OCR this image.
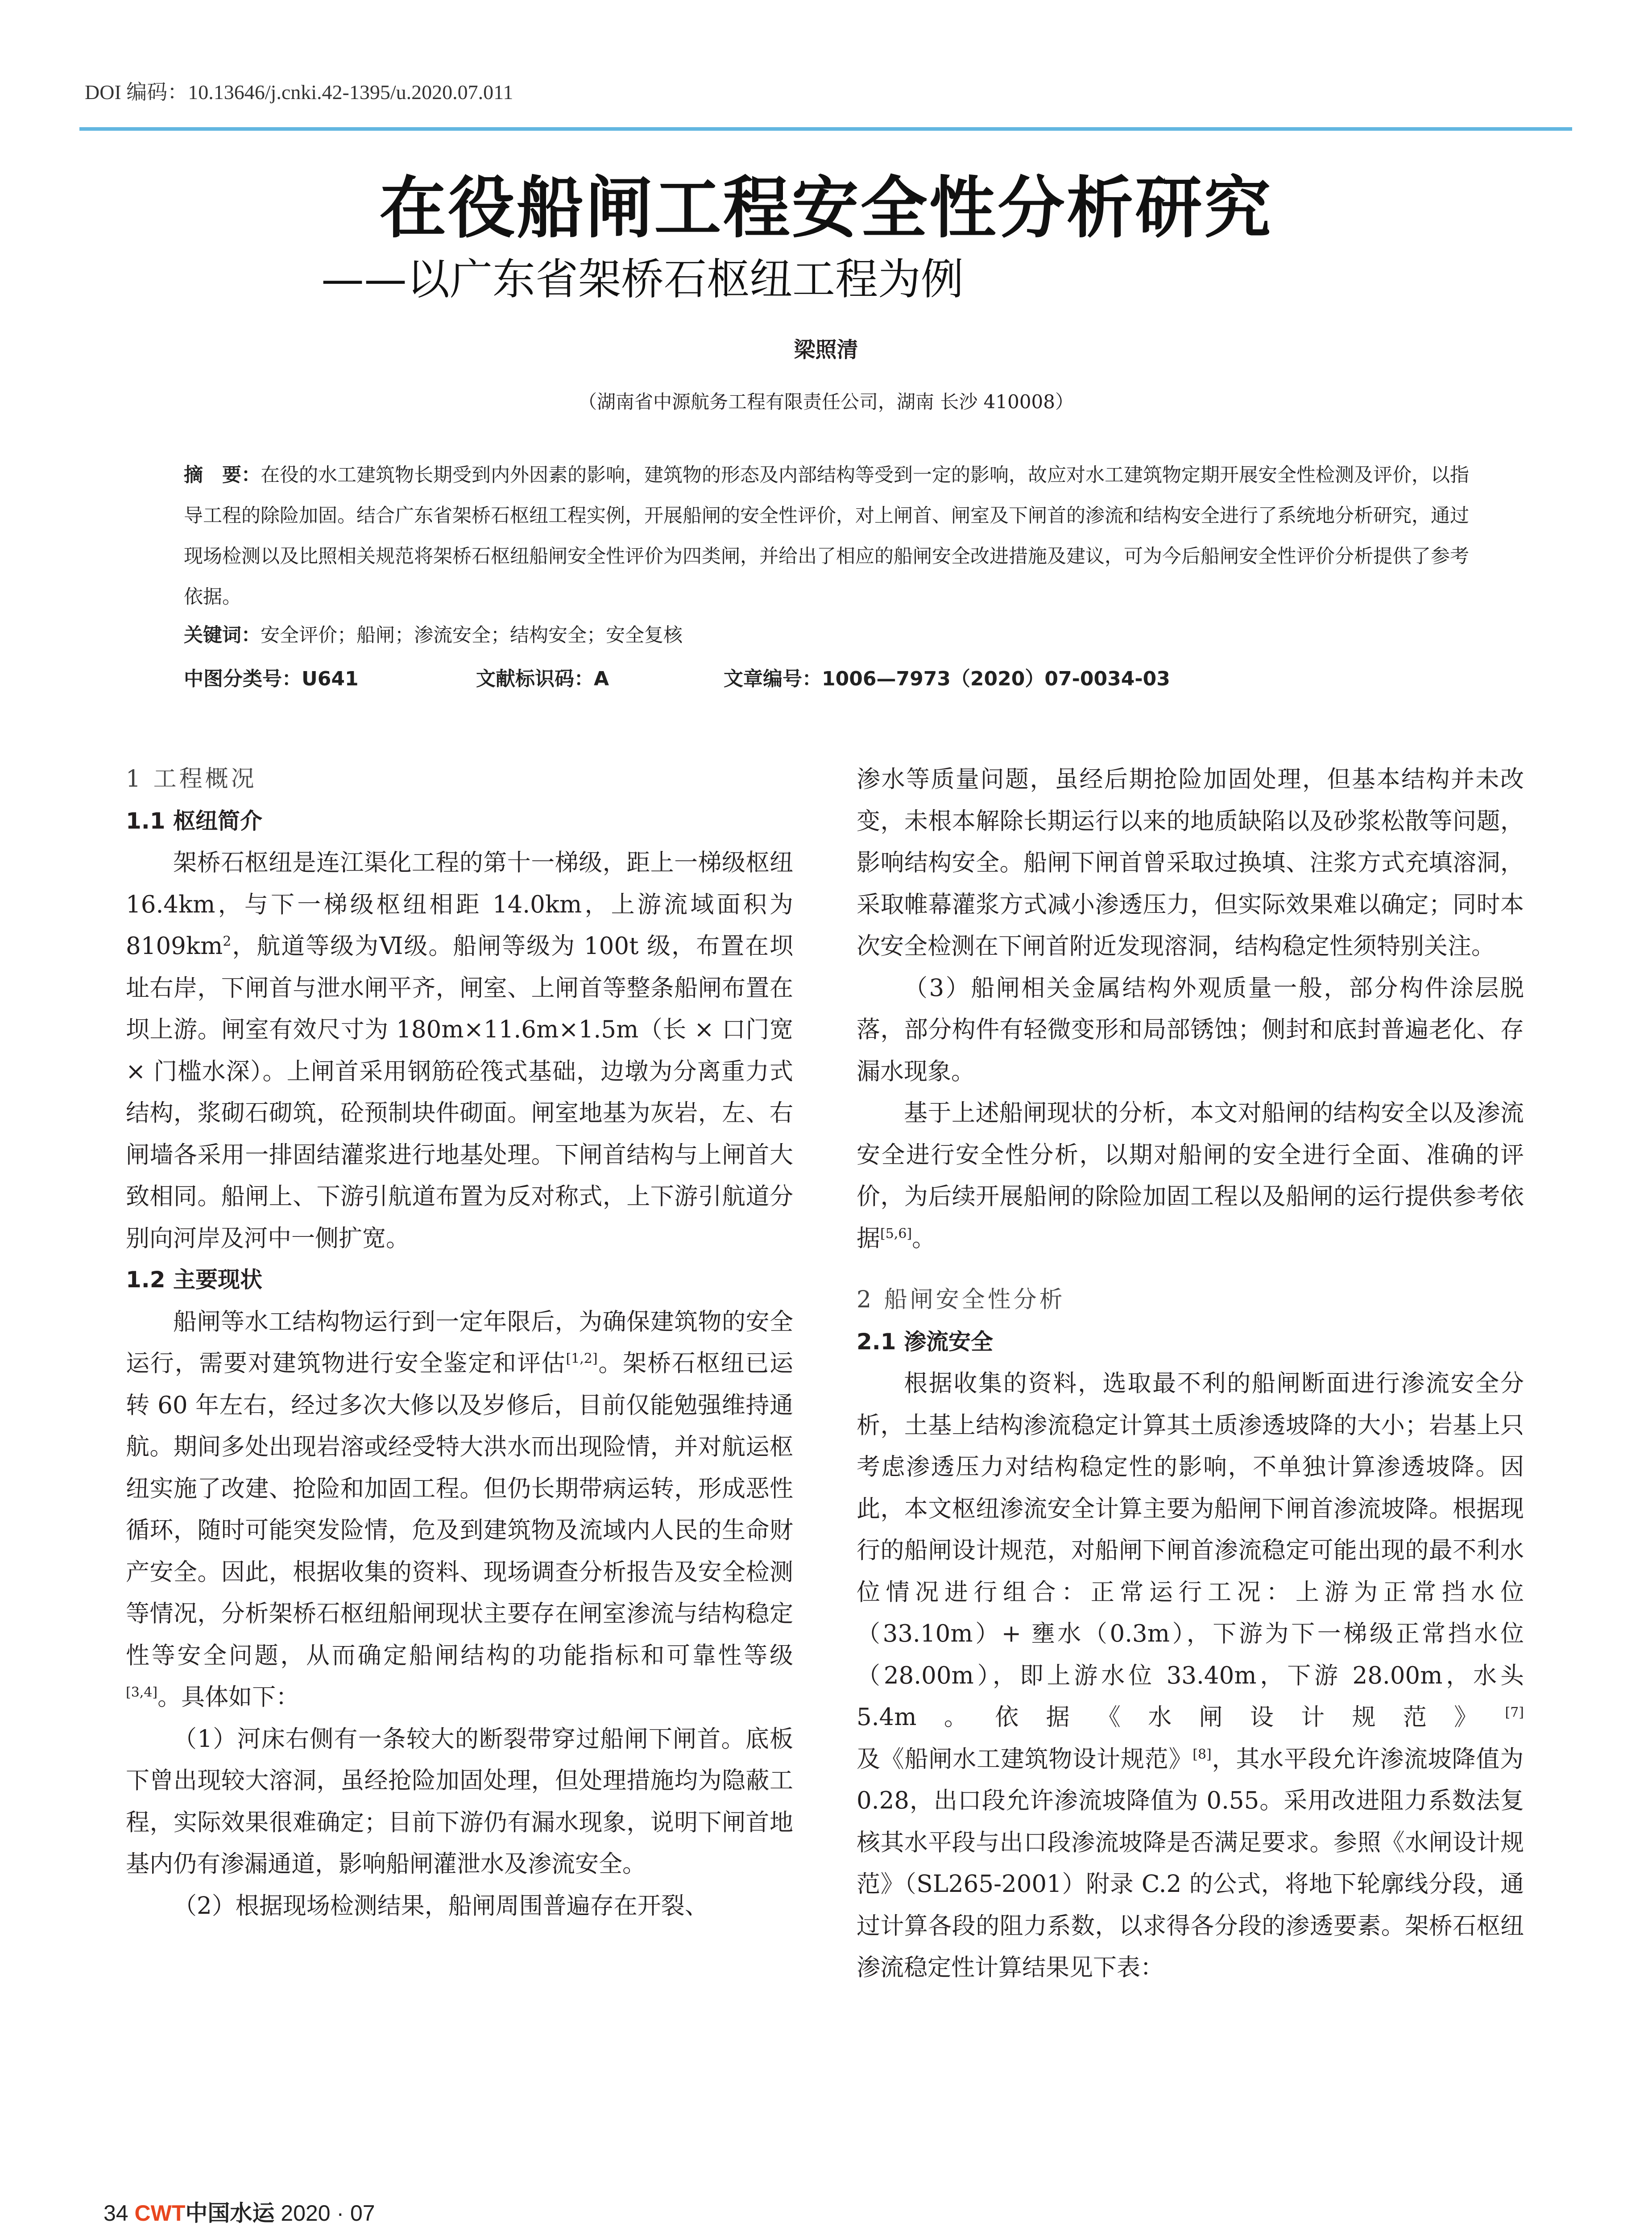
DOI 编码：10.13646/j.cnki.42-1395/u.2020.07.011
在役船闸工程安全性分析研究
——以广东省架桥石枢纽工程为例
梁照清
（湖南省中源航务工程有限责任公司，湖南 长沙 410008）
摘　要：在役的水工建筑物长期受到内外因素的影响，建筑物的形态及内部结构等受到一定的影响，故应对水工建筑物定期开展安全性检测及评价，以指导工程的除险加固。结合广东省架桥石枢纽工程实例，开展船闸的安全性评价，对上闸首、闸室及下闸首的渗流和结构安全进行了系统地分析研究，通过现场检测以及比照相关规范将架桥石枢纽船闸安全性评价为四类闸，并给出了相应的船闸安全改进措施及建议，可为今后船闸安全性评价分析提供了参考依据。
关键词：安全评价；船闸；渗流安全；结构安全；安全复核
中图分类号：U641	文献标识码：A	文章编号：1006—7973（2020）07-0034-03
1 工程概况
1.1 枢纽简介

架桥石枢纽是连江渠化工程的第十一梯级，距上一梯级枢纽 16.4km，与下一梯级枢纽相距 14.0km，上游流域面积为 $8109km^2$，航道等级为Ⅵ级。船闸等级为 100t 级，布置在坝址右岸，下闸首与泄水闸平齐，闸室、上闸首等整条船闸布置在坝上游。闸室有效尺寸为 180m×11.6m×1.5m（长 × 口门宽 × 门槛水深）。上闸首采用钢筋砼筏式基础，边墩为分离重力式结构，浆砌石砌筑，砼预制块件砌面。闸室地基为灰岩，左、右闸墙各采用一排固结灌浆进行地基处理。下闸首结构与上闸首大致相同。船闸上、下游引航道布置为反对称式，上下游引航道分别向河岸及河中一侧扩宽。

1.2 主要现状

船闸等水工结构物运行到一定年限后，为确保建筑物的安全运行，需要对建筑物进行安全鉴定和评估[1,2]。架桥石枢纽已运转 60 年左右，经过多次大修以及岁修后，目前仅能勉强维持通航。期间多处出现岩溶或经受特大洪水而出现险情，并对航运枢纽实施了改建、抢险和加固工程。但仍长期带病运转，形成恶性循环，随时可能突发险情，危及到建筑物及流域内人民的生命财产安全。因此，根据收集的资料、现场调查分析报告及安全检测等情况，分析架桥石枢纽船闸现状主要存在闸室渗流与结构稳定性等安全问题，从而确定船闸结构的功能指标和可靠性等级[3,4]。具体如下：

（1）河床右侧有一条较大的断裂带穿过船闸下闸首。底板下曾出现较大溶洞，虽经抢险加固处理，但处理措施均为隐蔽工程，实际效果很难确定；目前下游仍有漏水现象，说明下闸首地基内仍有渗漏通道，影响船闸灌泄水及渗流安全。

（2）根据现场检测结果，船闸周围普遍存在开裂、

渗水等质量问题，虽经后期抢险加固处理，但基本结构并未改变，未根本解除长期运行以来的地质缺陷以及砂浆松散等问题，影响结构安全。船闸下闸首曾采取过换填、注浆方式充填溶洞，采取帷幕灌浆方式减小渗透压力，但实际效果难以确定；同时本次安全检测在下闸首附近发现溶洞，结构稳定性须特别关注。

（3）船闸相关金属结构外观质量一般，部分构件涂层脱落，部分构件有轻微变形和局部锈蚀；侧封和底封普遍老化、存漏水现象。

基于上述船闸现状的分析，本文对船闸的结构安全以及渗流安全进行安全性分析，以期对船闸的安全进行全面、准确的评价，为后续开展船闸的除险加固工程以及船闸的运行提供参考依据[5,6]。

2 船闸安全性分析
2.1 渗流安全

根据收集的资料，选取最不利的船闸断面进行渗流安全分析，土基上结构渗流稳定计算其土质渗透坡降的大小；岩基上只考虑渗透压力对结构稳定性的影响，不单独计算渗透坡降。因此，本文枢纽渗流安全计算主要为船闸下闸首渗流坡降。根据现行的船闸设计规范，对船闸下闸首渗流稳定可能出现的最不利水位情况进行组合：正常运行工况：上游为正常挡水位（33.10m）+ 壅水（0.3m），下游为下一梯级正常挡水位（28.00m），即上游水位 33.40m，下游 28.00m，水头 5.4m。依据《水闸设计规范》[7] 及《船闸水工建筑物设计规范》[8]，其水平段允许渗流坡降值为 0.28，出口段允许渗流坡降值为 0.55。采用改进阻力系数法复核其水平段与出口段渗流坡降是否满足要求。参照《水闸设计规范》（SL265-2001）附录 C.2 的公式，将地下轮廓线分段，通过计算各段的阻力系数，以求得各分段的渗透要素。架桥石枢纽渗流稳定性计算结果见下表：

34 CWT中国水运 2020 · 07
